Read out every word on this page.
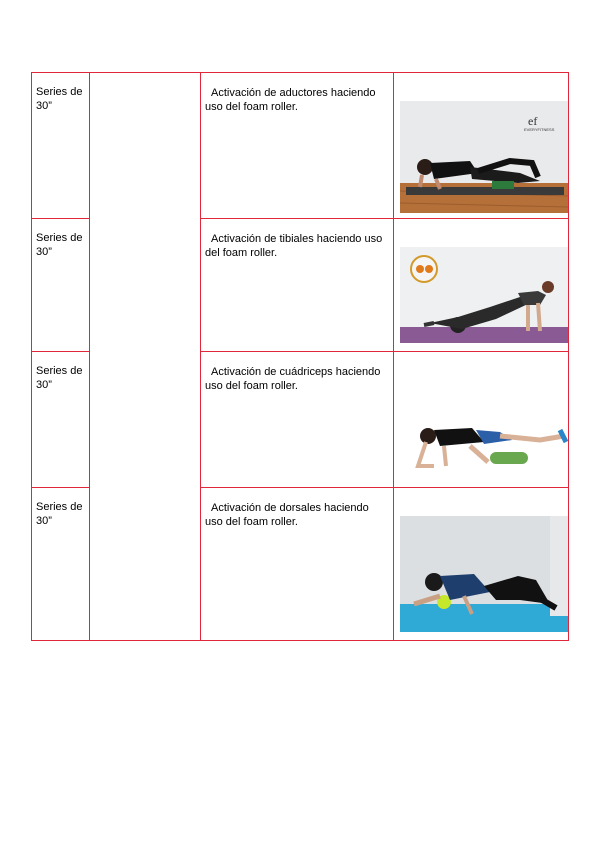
Series de 30”		Activación de aductores haciendo uso del foam roller.	ef
EVERYFITNESS

Series de 30”		Activación de tibiales haciendo uso del foam roller.	

Series de 30”		Activación de cuádriceps haciendo uso del foam roller.	

Series de 30”		Activación de dorsales haciendo uso del foam roller.	
